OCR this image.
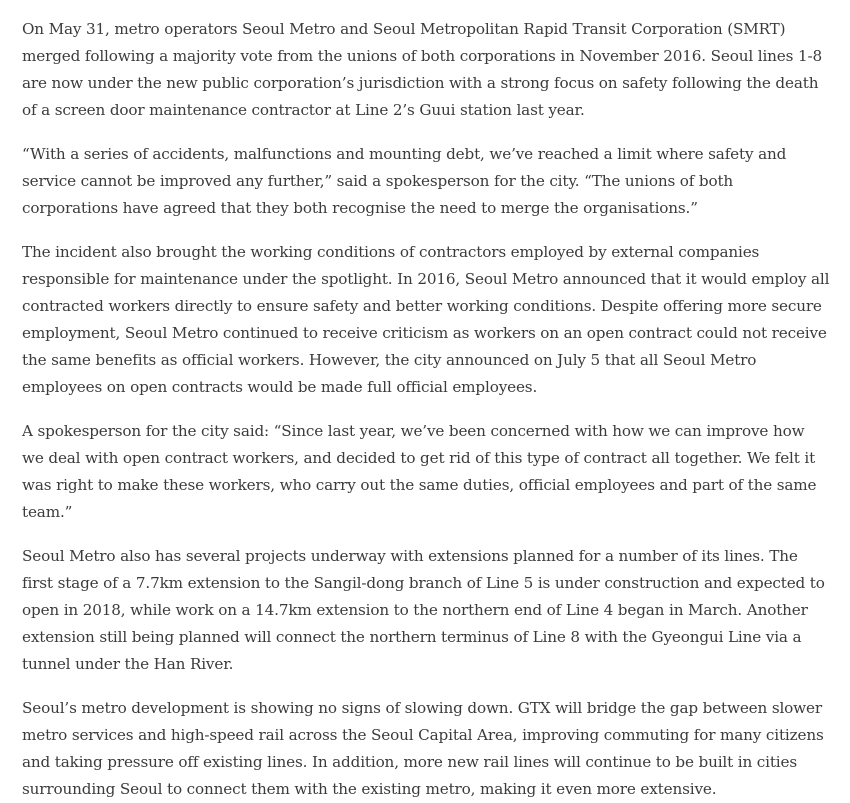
On May 31, metro operators Seoul Metro and Seoul Metropolitan Rapid Transit Corporation (SMRT) merged following a majority vote from the unions of both corporations in November 2016. Seoul lines 1-8 are now under the new public corporation’s jurisdiction with a strong focus on safety following the death of a screen door maintenance contractor at Line 2’s Guui station last year.

“With a series of accidents, malfunctions and mounting debt, we’ve reached a limit where safety and service cannot be improved any further,” said a spokesperson for the city. “The unions of both corporations have agreed that they both recognise the need to merge the organisations.”

The incident also brought the working conditions of contractors employed by external companies responsible for maintenance under the spotlight. In 2016, Seoul Metro announced that it would employ all contracted workers directly to ensure safety and better working conditions. Despite offering more secure employment, Seoul Metro continued to receive criticism as workers on an open contract could not receive the same benefits as official workers. However, the city announced on July 5 that all Seoul Metro employees on open contracts would be made full official employees.

A spokesperson for the city said: “Since last year, we’ve been concerned with how we can improve how we deal with open contract workers, and decided to get rid of this type of contract all together. We felt it was right to make these workers, who carry out the same duties, official employees and part of the same team.”

Seoul Metro also has several projects underway with extensions planned for a number of its lines. The first stage of a 7.7km extension to the Sangil-dong branch of Line 5 is under construction and expected to open in 2018, while work on a 14.7km extension to the northern end of Line 4 began in March. Another extension still being planned will connect the northern terminus of Line 8 with the Gyeongui Line via a tunnel under the Han River.

Seoul’s metro development is showing no signs of slowing down. GTX will bridge the gap between slower metro services and high-speed rail across the Seoul Capital Area, improving commuting for many citizens and taking pressure off existing lines. In addition, more new rail lines will continue to be built in cities surrounding Seoul to connect them with the existing metro, making it even more extensive.
